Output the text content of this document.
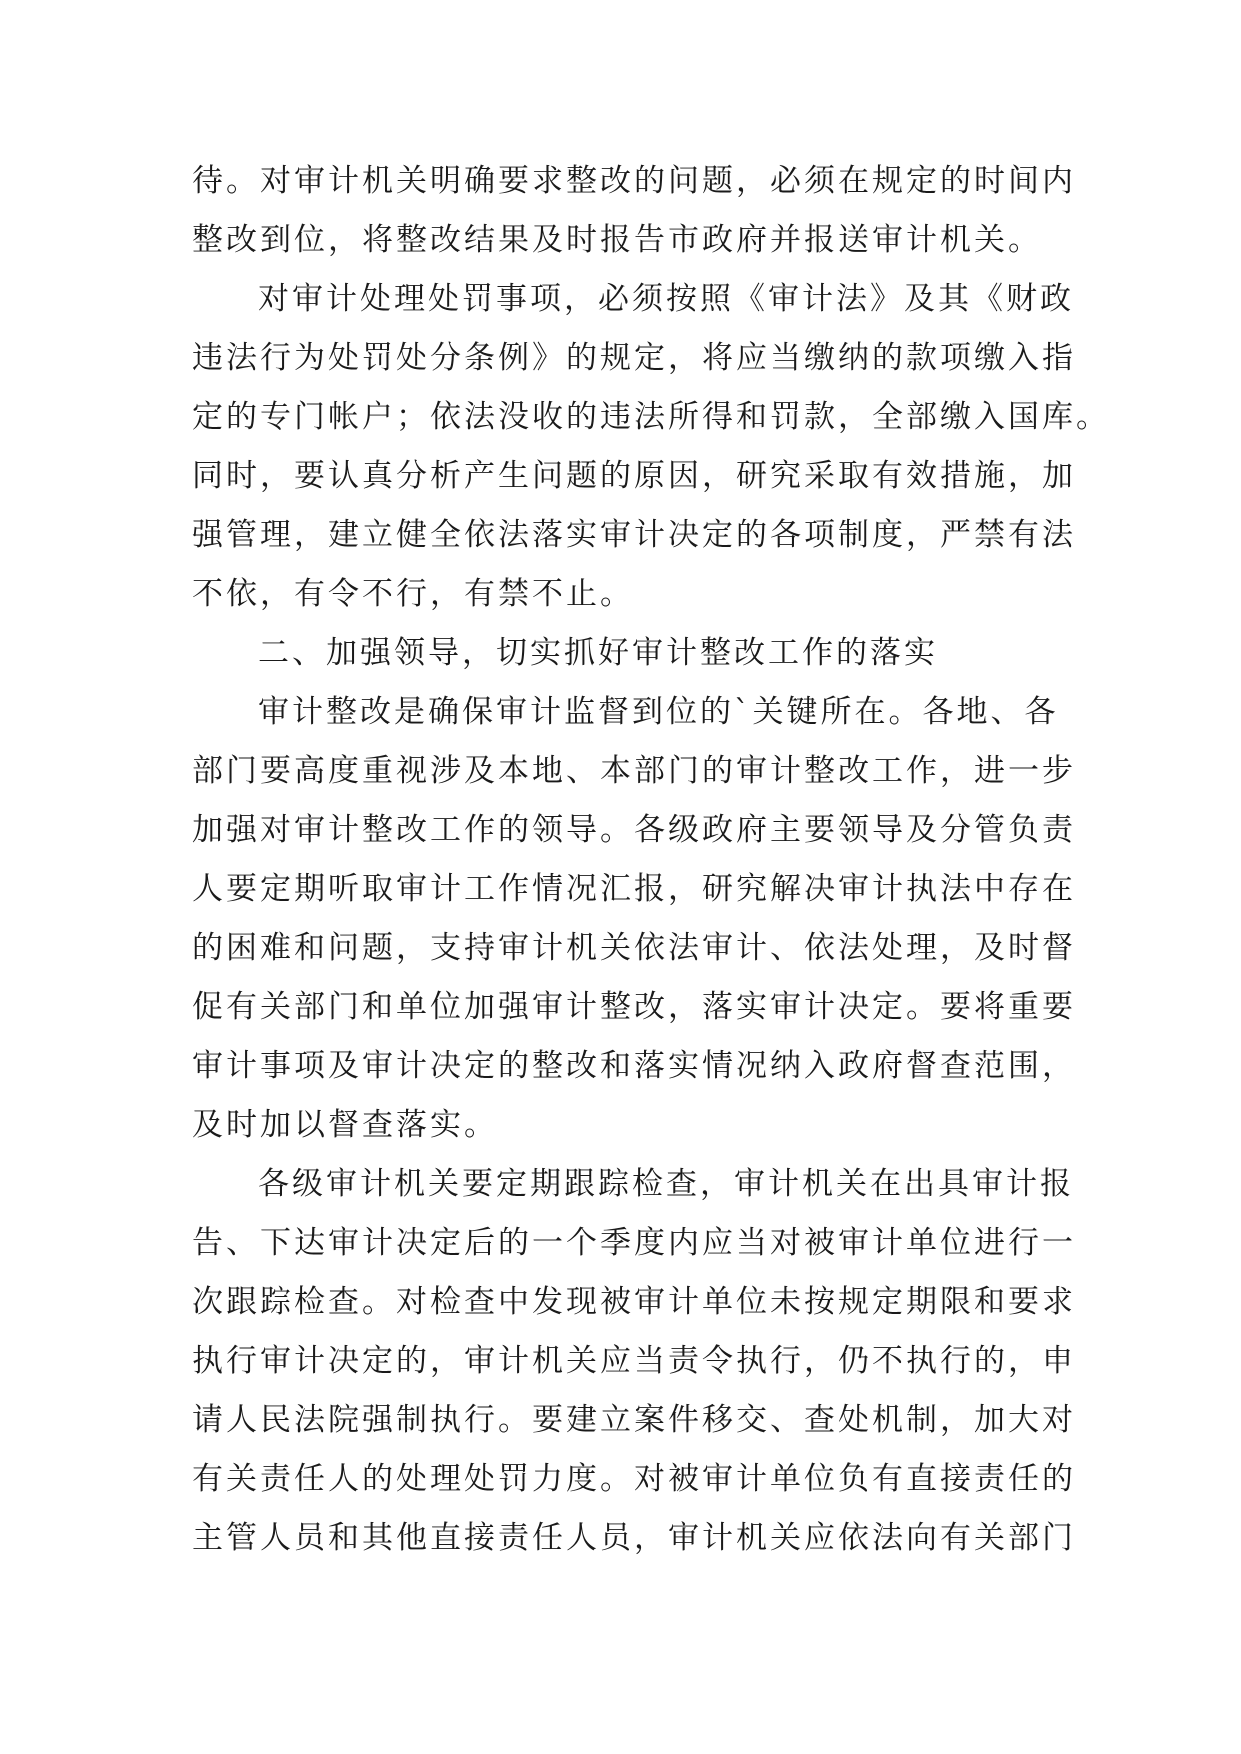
待。对审计机关明确要求整改的问题，必须在规定的时间内
整改到位，将整改结果及时报告市政府并报送审计机关。

对审计处理处罚事项，必须按照《审计法》及其《财政
违法行为处罚处分条例》的规定，将应当缴纳的款项缴入指
定的专门帐户；依法没收的违法所得和罚款，全部缴入国库。
同时，要认真分析产生问题的原因，研究采取有效措施，加
强管理，建立健全依法落实审计决定的各项制度，严禁有法
不依，有令不行，有禁不止。

二、加强领导，切实抓好审计整改工作的落实

审计整改是确保审计监督到位的`关键所在。各地、各
部门要高度重视涉及本地、本部门的审计整改工作，进一步
加强对审计整改工作的领导。各级政府主要领导及分管负责
人要定期听取审计工作情况汇报，研究解决审计执法中存在
的困难和问题，支持审计机关依法审计、依法处理，及时督
促有关部门和单位加强审计整改，落实审计决定。要将重要
审计事项及审计决定的整改和落实情况纳入政府督查范围，
及时加以督查落实。

各级审计机关要定期跟踪检查，审计机关在出具审计报
告、下达审计决定后的一个季度内应当对被审计单位进行一
次跟踪检查。对检查中发现被审计单位未按规定期限和要求
执行审计决定的，审计机关应当责令执行，仍不执行的，申
请人民法院强制执行。要建立案件移交、查处机制，加大对
有关责任人的处理处罚力度。对被审计单位负有直接责任的
主管人员和其他直接责任人员，审计机关应依法向有关部门
